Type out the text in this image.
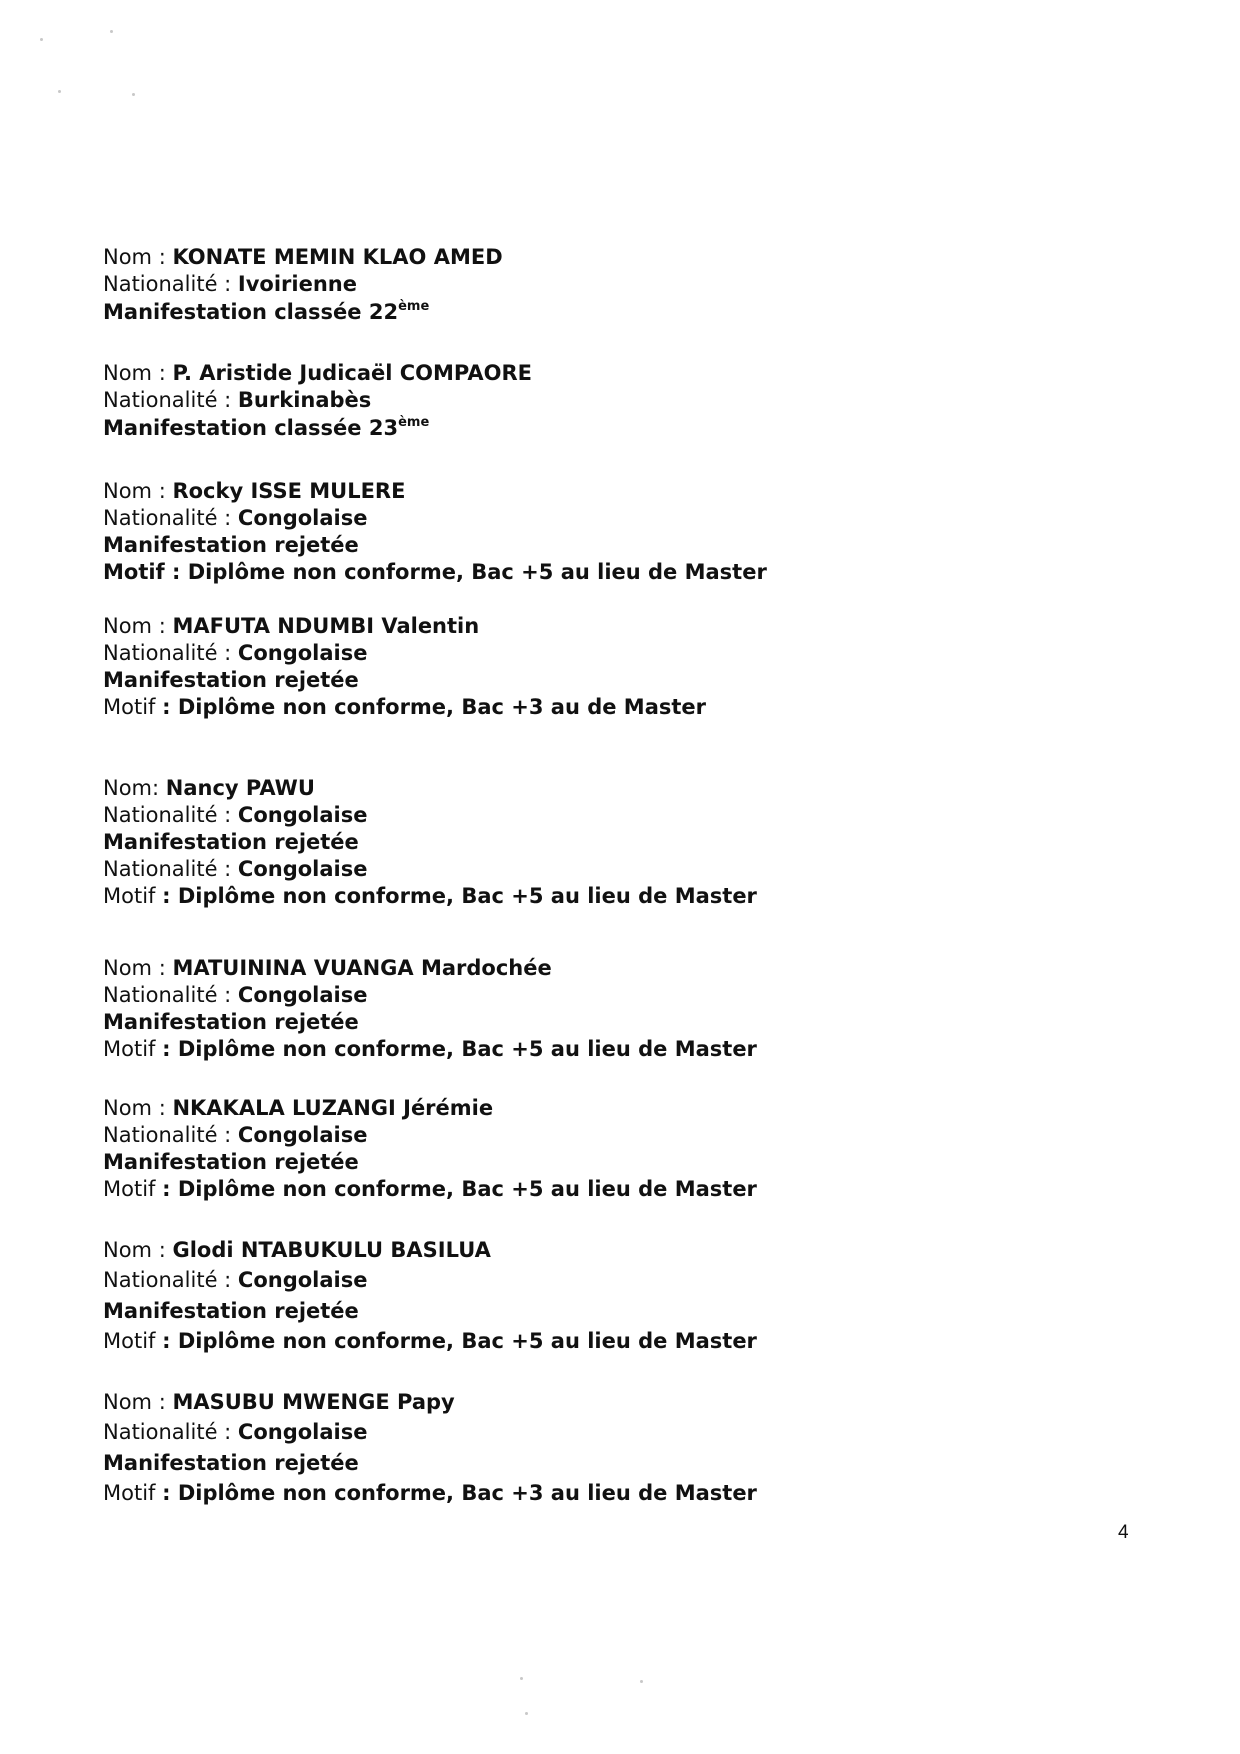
Nom : KONATE MEMIN KLAO AMED
Nationalité : Ivoirienne
Manifestation classée 22ème
Nom : P. Aristide Judicaël COMPAORE
Nationalité : Burkinabès
Manifestation classée 23ème
Nom : Rocky ISSE MULERE
Nationalité : Congolaise
Manifestation rejetée
Motif : Diplôme non conforme, Bac +5 au lieu de Master
Nom : MAFUTA NDUMBI Valentin
Nationalité : Congolaise
Manifestation rejetée
Motif : Diplôme non conforme, Bac +3 au de Master
Nom: Nancy PAWU
Nationalité : Congolaise
Manifestation rejetée
Nationalité : Congolaise
Motif : Diplôme non conforme, Bac +5 au lieu de Master
Nom : MATUININA VUANGA Mardochée
Nationalité : Congolaise
Manifestation rejetée
Motif : Diplôme non conforme, Bac +5 au lieu de Master
Nom : NKAKALA LUZANGI Jérémie
Nationalité : Congolaise
Manifestation rejetée
Motif : Diplôme non conforme, Bac +5 au lieu de Master
Nom : Glodi NTABUKULU BASILUA
Nationalité : Congolaise
Manifestation rejetée
Motif : Diplôme non conforme, Bac +5 au lieu de Master
Nom : MASUBU MWENGE Papy
Nationalité : Congolaise
Manifestation rejetée
Motif : Diplôme non conforme, Bac +3 au lieu de Master
4
